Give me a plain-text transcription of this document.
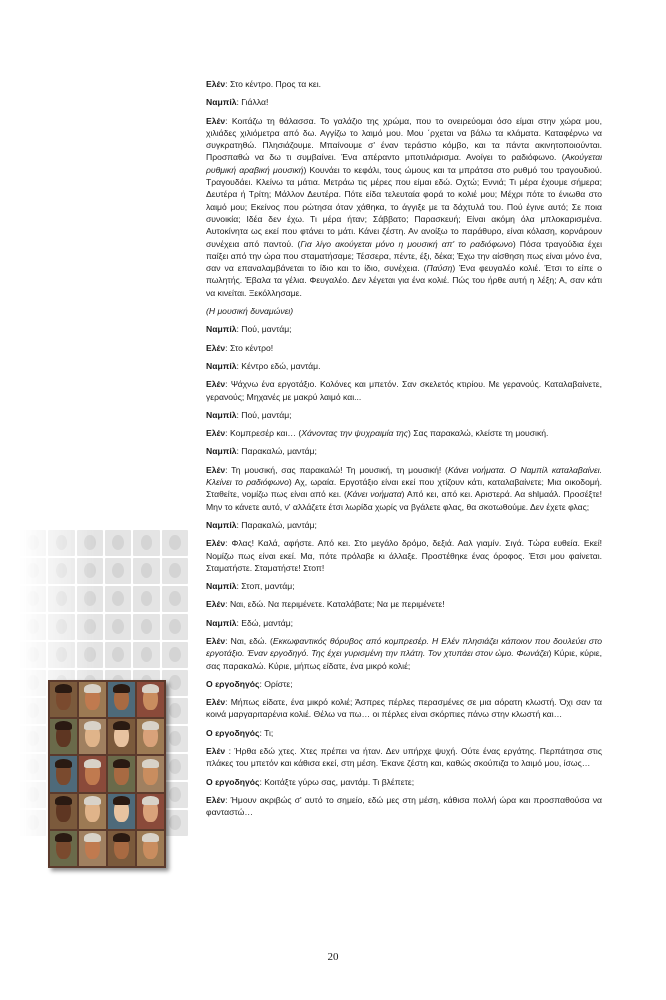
Ελέν: Στο κέντρο. Προς τα κει.

Ναμπίλ: Γιάλλα!

Ελέν: Κοιτάζω τη θάλασσα. Το γαλάζιο της χρώμα, που το ονειρεύομαι όσο είμαι στην χώρα μου, χιλιάδες χιλιόμετρα από δω. Αγγίζω το λαιμό μου. Μου ΄ρχεται να βάλω τα κλάματα. Καταφέρνω να συγκρατηθώ. Πλησιάζουμε. Μπαίνουμε σ' έναν τεράστιο κόμβο, και τα πάντα ακινητοποιούνται. Προσπαθώ να δω τι συμβαίνει. Ένα απέραντο μποτιλιάρισμα. Ανοίγει το ραδιόφωνο. (Ακούγεται ρυθμική αραβική μουσική) Κουνάει το κεφάλι, τους ώμους και τα μπράτσα στο ρυθμό του τραγουδιού. Τραγουδάει. Κλείνω τα μάτια. Μετράω τις μέρες που είμαι εδώ. Οχτώ; Εννιά; Τι μέρα έχουμε σήμερα; Δευτέρα ή Τρίτη; Μάλλον Δευτέρα. Πότε είδα τελευταία φορά το κολιέ μου; Μέχρι πότε το ένιωθα στο λαιμό μου; Εκείνος που ρώτησα όταν χάθηκα, το άγγιξε με τα δάχτυλά του. Πού έγινε αυτό; Σε ποια συνοικία; Ιδέα δεν έχω. Τι μέρα ήταν; Σάββατο; Παρασκευή; Είναι ακόμη όλα μπλοκαρισμένα. Αυτοκίνητα ως εκεί που φτάνει το μάτι. Κάνει ζέστη. Αν ανοίξω το παράθυρο, είναι κόλαση, κορνάρουν συνέχεια από παντού. (Για λίγο ακούγεται μόνο η μουσική απ' το ραδιόφωνο) Πόσα τραγούδια έχει παίξει από την ώρα που σταματήσαμε; Τέσσερα, πέντε, έξι, δέκα; Έχω την αίσθηση πως είναι μόνο ένα, σαν να επαναλαμβάνεται το ίδιο και το ίδιο, συνέχεια. (Παύση) Ένα φευγαλέο κολιέ. Έτσι το είπε ο πωλητής. Έβαλα τα γέλια. Φευγαλέο. Δεν λέγεται για ένα κολιέ. Πώς του ήρθε αυτή η λέξη; Α, σαν κάτι να κινείται. Ξεκόλλησαμε.

(Η μουσική δυναμώνει)

Ναμπίλ: Πού, μαντάμ;

Ελέν: Στο κέντρο!

Ναμπίλ: Κέντρο εδώ, μαντάμ.

Ελέν: Ψάχνω ένα εργοτάξιο. Κολόνες και μπετόν. Σαν σκελετός κτιρίου. Με γερανούς. Καταλαβαίνετε, γερανούς; Μηχανές με μακρύ λαιμό και...

Ναμπίλ: Πού, μαντάμ;

Ελέν: Κομπρεσέρ και… (Χάνοντας την ψυχραιμία της) Σας παρακαλώ, κλείστε τη μουσική.

Ναμπίλ: Παρακαλώ, μαντάμ;

Ελέν: Τη μουσική, σας παρακαλώ! Τη μουσική, τη μουσική! (Κάνει νοήματα. Ο Ναμπίλ καταλαβαίνει. Κλείνει το ραδιόφωνο) Αχ, ωραία. Εργοτάξιο είναι εκεί που χτίζουν κάτι, καταλαβαίνετε; Μια οικοδομή. Σταθείτε, νομίζω πως είναι από κει. (Κάνει νοήματα) Από κει, από κει. Αριστερά. Αα shlμαάλ. Προσέξτε! Μην το κάνετε αυτό, ν' αλλάζετε έτσι λωρίδα χωρίς να βγάλετε φλας, θα σκοτωθούμε. Δεν έχετε φλας;

Ναμπίλ: Παρακαλώ, μαντάμ;

Ελέν: Φλας! Καλά, αφήστε. Από κει. Στο μεγάλο δρόμο, δεξιά. Ααλ γιαμίν. Σιγά. Τώρα ευθεία. Εκεί! Νομίζω πως είναι εκεί. Μα, πότε πρόλαβε κι άλλαξε. Προστέθηκε ένας όροφος. Έτσι μου φαίνεται. Σταματήστε. Σταματήστε! Στοπ!

Ναμπίλ: Στοπ, μαντάμ;

Ελέν: Ναι, εδώ. Να περιμένετε. Καταλάβατε; Να με περιμένετε!

Ναμπίλ: Εδώ, μαντάμ;

Ελέν: Ναι, εδώ. (Εκκωφαντικός θόρυβος από κομπρεσέρ. Η Ελέν πλησιάζει κάποιον που δουλεύει στο εργοτάξιο. Έναν εργοδηγό. Της έχει γυρισμένη την πλάτη. Τον χτυπάει στον ώμο. Φωνάζει) Κύριε, κύριε, σας παρακαλώ. Κύριε, μήπως είδατε, ένα μικρό κολιέ;

Ο εργοδηγός: Ορίστε;

Ελέν: Μήπως είδατε, ένα μικρό κολιέ; Άσπρες πέρλες περασμένες σε μια αόρατη κλωστή. Όχι σαν τα κοινά μαργαριταρένια κολιέ. Θέλω να πω… οι πέρλες είναι σκόρπιες πάνω στην κλωστή και…

Ο εργοδηγός: Τι;

Ελέν : Ήρθα εδώ χτες. Χτες πρέπει να ήταν. Δεν υπήρχε ψυχή. Ούτε ένας εργάτης. Περπάτησα στις πλάκες του μπετόν και κάθισα εκεί, στη μέση. Έκανε ζέστη και, καθώς σκούπιζα το λαιμό μου, ίσως…

Ο εργοδηγός: Κοιτάξτε γύρω σας, μαντάμ. Τι βλέπετε;

Ελέν: Ήμουν ακριβώς σ' αυτό το σημείο, εδώ μες στη μέση, κάθισα πολλή ώρα και προσπαθούσα να φανταστώ…

20
